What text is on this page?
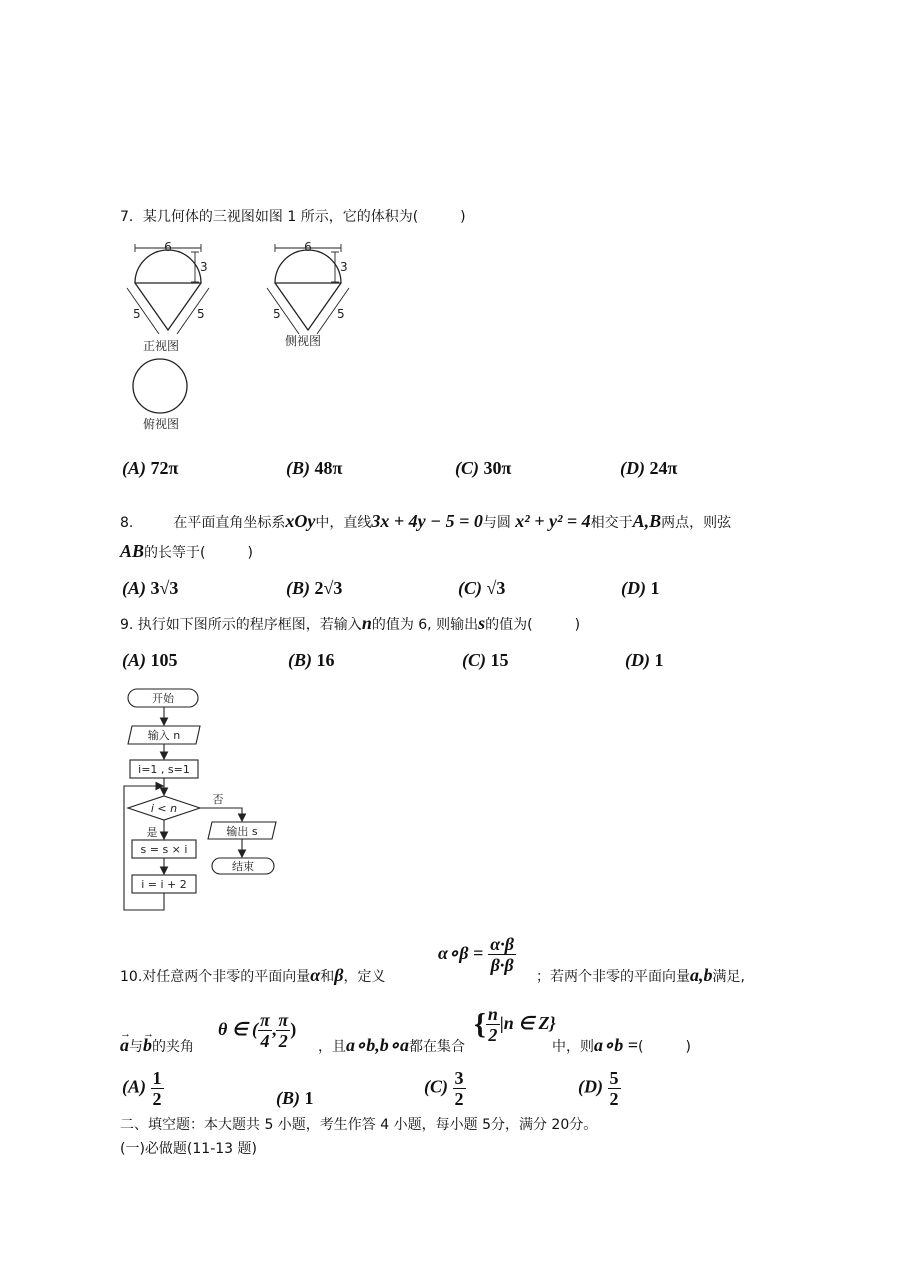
7．某几何体的三视图如图 1 所示，它的体积为(　　　)
6
3
5	5
6
3
5	5
正视图	侧视图
俯视图
(A) 72π	(B) 48π	(C) 30π	(D) 24π
8.	在平面直角坐标系xOy中，直线3x + 4y − 5 = 0与圆 x² + y² = 4相交于A,B两点，则弦
AB的长等于(　　　)
(A) 3√3	(B) 2√3	(C) √3	(D) 1
9. 执行如下图所示的程序框图，若输入n的值为 6, 则输出s的值为(　　　)
(A) 105	(B) 16	(C) 15	(D) 1
开始
输入 n
i=1 , s=1
i < n
否
是
s = s × i
i = i + 2
输出 s
结束
10.对任意两个非零的平面向量α和β，定义
α∘β = $\frac{\alpha\cdot\beta}{\beta\cdot\beta}$
；若两个非零的平面向量a,b满足,
→ a与→ b的夹角
θ ∈ ( $\frac{\pi}{4}$ , $\frac{\pi}{2}$ )
，且a∘b,b∘a都在集合
{ $\frac{n}{2} |n$ ∈ Z}
中，则a∘b =(　　　)
$(A) \frac{1}{2}$	(B) 1
$(C) \frac{3}{2}$	$(D) \frac{5}{2}$
二、填空题：本大题共 5 小题，考生作答 4 小题，每小题 5分，满分 20分。
(一)必做题(11-13 题)
